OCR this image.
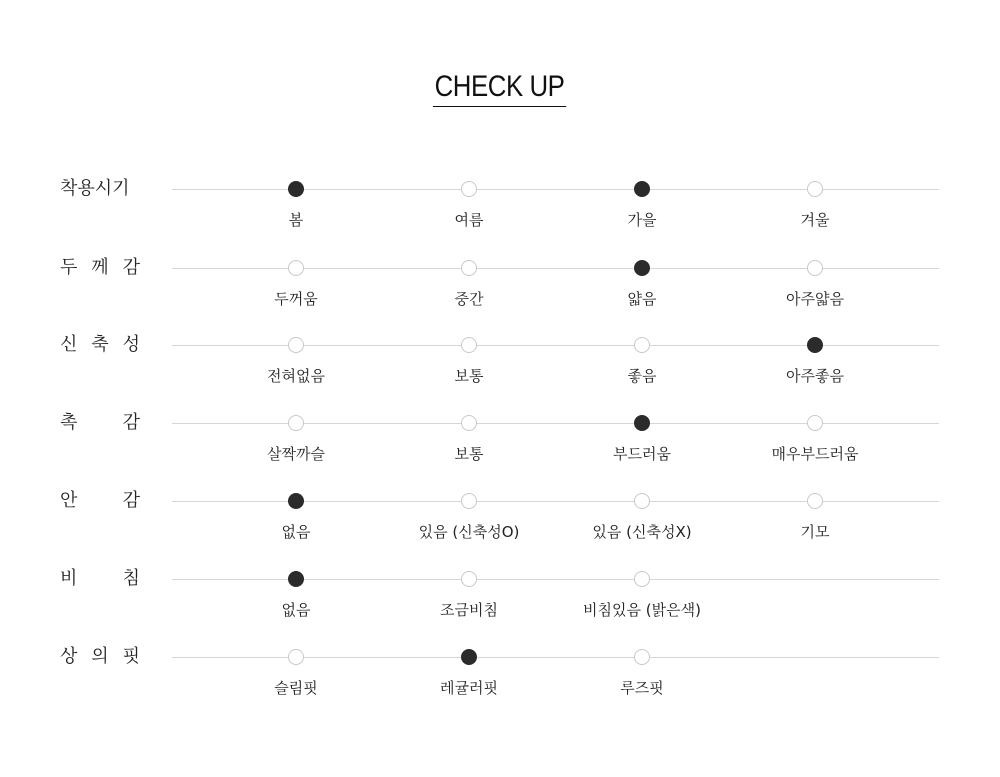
CHECK UP
착용시기
봄	여름	가을	겨울
두 께 감
두꺼움	중간	얇음	아주얇음
신 축 성
전혀없음	보통	좋음	아주좋음
촉	감
살짝까슬	보통	부드러움	매우부드러움
안	감
없음	있음 (신축성O)	있음 (신축성X)	기모
비	침
없음	조금비침	비침있음 (밝은색)
상 의 핏
슬림핏	레귤러핏	루즈핏
